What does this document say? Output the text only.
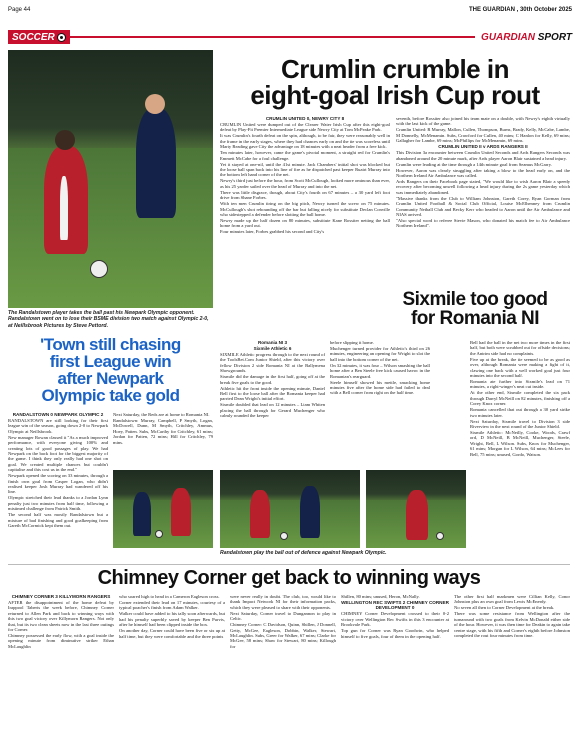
Page 44	THE GUARDIAN , 30th October 2025
SOCCER	GUARDIAN SPORT
The Randalstown player takes the ball past his Newpark Olympic opponent. Randalstown went on to lose their BSME division two match against Olympic 2-0, at Neillsbrook Pictures by Steve Pettord.
Crumlin crumble in
eight-goal Irish Cup rout

CRUMLIN UNITED 0, NEWRY CITY 8

CRUMLIN United were dumped out of the Clearer Water Irish Cup after this eight-goal defeat by Play-Fit Premier Intermediate League side Newry City at Tom McPeake Park.

It was Crumlin's fourth defeat on the spin, although, to be fair, they were reasonably well in the frame in the early stages, where they had chances early on and the tie was scoreless until Marty Reading gave City the advantage on 18 minutes with a neat header from a free kick.

Ten minutes later, however, came the game's pivotal moment, a straight red for Crumlin's Emmett McCabe for a foul challenge.

Yet it stayed at one-nil, until the 41st minute. Jack Chambers' initial shot was blocked but the loose ball span back into his line of fire as he dispatched past keeper Ruairi Murray into the bottom left hand corner of the net.

Newry's third just before the hour, from Scott McCullough, looked more ominous than ever, as his 25 yarder sailed over the head of Murray and into the net.

There was little disgrace, though, about City's fourth on 67 minutes – a 30 yard left foot drive from Shane Forbes.

With ten men Crumlin tiring on the big pitch, Newry turned the screw on 75 minutes. McCullough's shot rebounding off the bar but falling nicely for substitute Declan Conville who sidestepped a defender before slotting the ball home.

Newry made up the half dozen on 80 minutes, substitute Kane Rossiter netting the ball home from a yard out.

Four minutes later, Forbes grabbed his second and City's

seventh, before Rossiter also joined his team mate on a double, with Newry's eighth virtually with the last kick of the game.

Crumlin United: R Murray, Mallon, Cullen, Thompson, Burns, Brady, Kelly, McCabe, Lambe, M Donnelly, McMenamin. Subs, Crawford for Cullen, 40 mins; C Hanlon for Kelly, 69 mins; Gallagher for Lambe, 69 mins; McPhillips for McMenamin, 69 mins.

CRUMLIN UNITED II v ARDS RANGERS II

This Division 3a encounter between Crumlin United Seconds and Ards Rangers Seconds was abandoned around the 20 minute mark, after Ards player Aaron Blair sustained a head injury.

Crumlin were leading at the time through a 14th minute goal from Seamus McGarry.

However, Aaron was clearly struggling after taking a blow to the head early on, and the Northern Ireland Air Ambulance was called.

Ards Rangers on their Facebook page stated, "We would like to wish Aaron Blair a speedy recovery after becoming unwell following a head injury during the 2s game yesterday which was immediately abandoned.

"Massive thanks from the Club to William Johnston, Gareth Corey, Ryan Gorman from Crumlin United Football & Social Club Official, Louise McElhenney from Crumlin Community Netball Club and Becky Kerr who headed to Aaron until the Air Ambulance and NIAS arrived.

"Also special word to referee Stevie Mason, who donated his match fee to Air Ambulance Northern Ireland".

'Town still chasing
first League win
after Newpark
Olympic take gold

RANDALSTOWN 0 NEWPARK OLYMPIC 2

RANDALSTOWN are still looking for their first league win of the season, going down 2-0 to Newpark Olympic at Neillsbrook.

New manager Rowan classed it "As a much improved performance, with everyone giving 100% and creating lots of good passages of play. We had Newpark on the back foot for the biggest majority of the game. I think they only really had one shot on goal. We created multiple chances but couldn't capitalise and this cost us in the end."

Newpark opened the scoring on 33 minutes, through a finish own goal from Casper Logan, who didn't realised keeper Josh Murray had wandered off his line.

Olympic stretched their lead thanks to a Jordan Lynn penalty just two minutes from half time, following a mistimed challenge from Patrick Smith.

The second half was mostly Randalstown but a mixture of bad finishing and good goalkeeping from Gareth McCormick kept them out.

Next Saturday, the Reds are at home to Romania NI.

Randalstown: Murray, Campbell, P Smyth, Logan, McDowell, Dunn, M Smyth, Critchley, Ammus, Hoey, Patten. Subs, McCarthy for Critchley, 61 mins; Jordan for Patten, 72 mins; Hill for Critchley, 79 mins.

Sixmile too good
for Romania NI

Romania NI 3

Sixmile Athletic 6

SIXMILE Athletic progress through to the next round of the ToolsBet.Com Junior Shield, after this victory over fellow Division 2 side Romania NI at the Ballymena Showgrounds.

Sixmile did the damage in the first half, going off at the break five goals to the good.

Athletic hit the front inside the opening minute, Daniel Bell first to the loose ball after the Romania keeper had parried Dean Wright's initial effort.

Sixmile doubled that lead on 12 minutes – Liam Whiten placing the ball through for Gerard Muchenger who calmly rounded the keeper

before slipping it home.

Muchenger turned provider for Athletic's third on 26 minutes, engineering an opening for Wright to slot the ball into the bottom corner of the net.

On 32 minutes, it was four – Wilson smashing the ball home after a Ben Steele free kick caused havoc in the Romanian's rearguard.

Steele himself showed his mettle, smacking home minutes five after the home side had failed to deal with a Bell corner from right on the half time.

Bell had the ball in the net two more times in the first half, but both were scrubbed out for offside decisions; the Antrim side had no complaints.

Five up at the break, the tie seemed to be as good as over, although Romania were making a fight of it, clawing one back with a well worked goal just four minutes into the second half.

Romania ate further into Sixmile's lead on 71 minutes, a right-winger's neat cut inside.

At the other end, Sixmile completed the six pack through Darryl McNeill on 82 minutes, finishing off a Corey Knox corner.

Romania cancelled that out through a 30 yard strike two minutes later.

Next Saturday, Sixmile travel to Division 3 side Riverview in the next round of the Junior Shield.

Sixmile Athletic: McNeilly, Cooke, Woods, Crawf ord, D McNeill, B McNeill, Muchenger, Steele, Wright, Bell, L Wilson. Subs, Knox for Muchenger, 61 mins; Morgan for L Wilson, 64 mins; McLees for Bell, 75 mins; unused, Gordo, Watson.

Randalstown play the ball out of defence against Newpark Olympic.
Chimney Corner get back to winning ways

CHIMNEY CORNER 3 KILLYMORN RANGERS

AFTER the disappointment of the home defeat by Irappool Taberts the week before, Chimney Corner returned to Allen Park and back to winning ways with this two goal victory over Killymorn Rangers. Not only that, but its two clean sheets now in the last three outings for Corner.

Chimney possessed the early flow, with a goal inside the opening minute from diminutive striker Ethan McLaughlin

who soared high to head in a Cameron Eagleson cross.

Corner extended their lead on 17 minutes, courtesy of a typical poacher's finish from Adam Walker.

Walker could have added to his tally soon afterwards, but had his penalty superbly saved by keeper Ben Purvis, after he himself had been clipped inside the box.

On another day, Corner could have been five or six up at half time, but they were comfortable and the three points

were never really in doubt. The club, too, would like to thank Impact Network NI for their information packs, which they were pleased to share with their opponents.

Next Saturday, Corner travel to Dungannon to play in Celtic.

Chimney Corner: C Davidson, Quinn, Shillen, J Donnell, Getty, McGee, Eagleson, Dobbin, Walker, Stewart, McLaughlin. Subs, Greer for Walker, 67 mins; Clarke for McGee, 58 mins; Shaw for Stewart, 80 mins; Killough for

Shillen, 80 mins; unused, Heron, McNally.

WELLINGTON REC SWIFTS 2 CHIMNEY CORNER DEVELOPMENT 0

CHIMNEY Corner Development crossed to their 0-2 victory over Wellington Rec Swifts in this 3 encounter at Brookvale Park.

Top gun for Corner was Ryan Goodwin, who helped himself to five goals, four of them in the opening half.

The other first half markmen were Cillian Kelly, Conor Johnston plus an own goal from Lewis McEnerdy.

No seven all then to Corner Development at the break.

There was some resistance from Wellington after the turnaround with two goals from Kelvin McDonald either side of the hour. However, it was then time for Deakin to again take centre stage, with his fifth and Corner's eighth before Johnston completed the rout four minutes from time.
